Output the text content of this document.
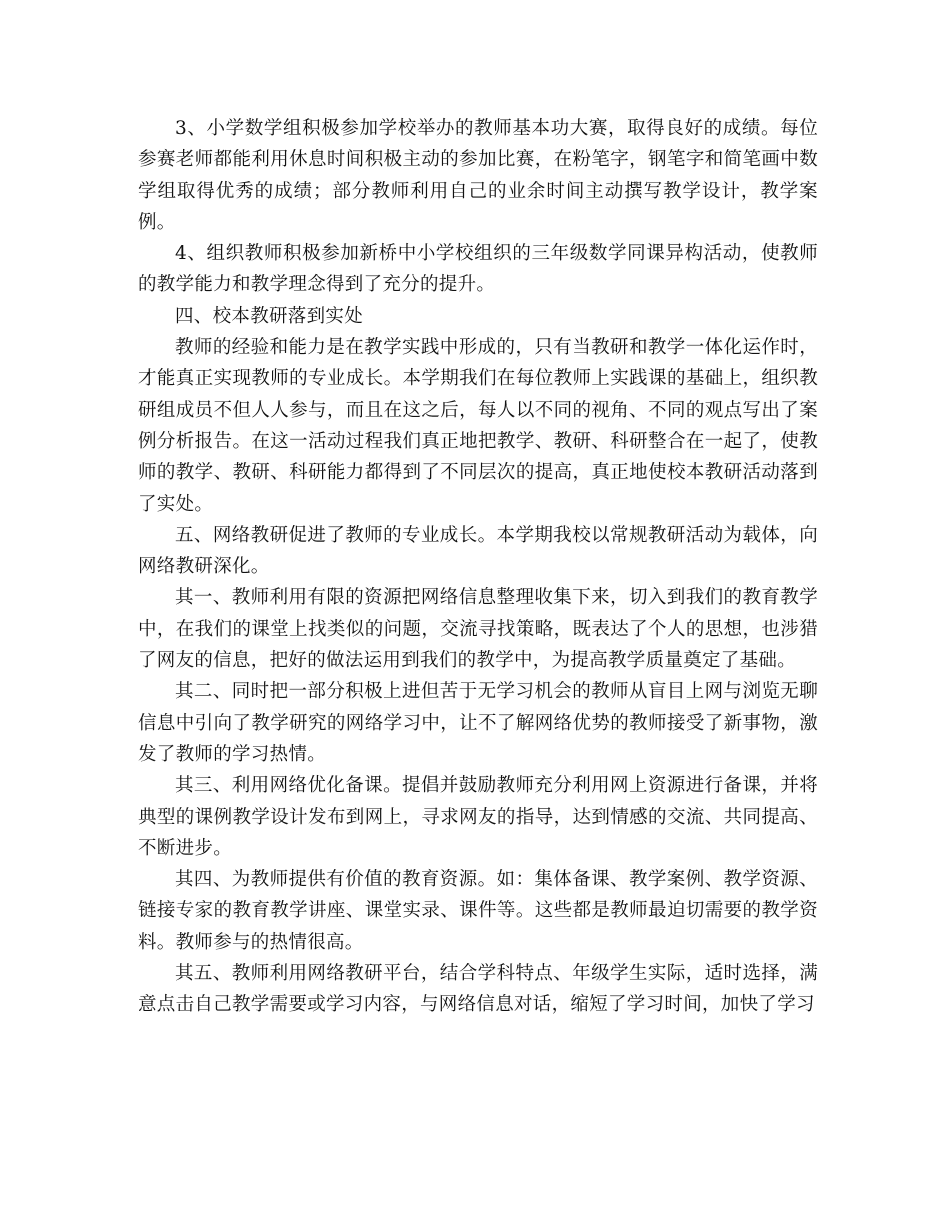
3、小学数学组积极参加学校举办的教师基本功大赛，取得良好的成绩。每位参赛老师都能利用休息时间积极主动的参加比赛，在粉笔字，钢笔字和简笔画中数学组取得优秀的成绩；部分教师利用自己的业余时间主动撰写教学设计，教学案例。

4、组织教师积极参加新桥中小学校组织的三年级数学同课异构活动，使教师的教学能力和教学理念得到了充分的提升。

四、校本教研落到实处

教师的经验和能力是在教学实践中形成的，只有当教研和教学一体化运作时，才能真正实现教师的专业成长。本学期我们在每位教师上实践课的基础上，组织教研组成员不但人人参与，而且在这之后，每人以不同的视角、不同的观点写出了案例分析报告。在这一活动过程我们真正地把教学、教研、科研整合在一起了，使教师的教学、教研、科研能力都得到了不同层次的提高，真正地使校本教研活动落到了实处。

五、网络教研促进了教师的专业成长。本学期我校以常规教研活动为载体，向网络教研深化。

其一、教师利用有限的资源把网络信息整理收集下来，切入到我们的教育教学中，在我们的课堂上找类似的问题，交流寻找策略，既表达了个人的思想，也涉猎了网友的信息，把好的做法运用到我们的教学中，为提高教学质量奠定了基础。

其二、同时把一部分积极上进但苦于无学习机会的教师从盲目上网与浏览无聊信息中引向了教学研究的网络学习中，让不了解网络优势的教师接受了新事物，激发了教师的学习热情。

其三、利用网络优化备课。提倡并鼓励教师充分利用网上资源进行备课，并将典型的课例教学设计发布到网上，寻求网友的指导，达到情感的交流、共同提高、不断进步。

其四、为教师提供有价值的教育资源。如：集体备课、教学案例、教学资源、链接专家的教育教学讲座、课堂实录、课件等。这些都是教师最迫切需要的教学资料。教师参与的热情很高。

其五、教师利用网络教研平台，结合学科特点、年级学生实际，适时选择，满意点击自己教学需要或学习内容，与网络信息对话，缩短了学习时间，加快了学习
